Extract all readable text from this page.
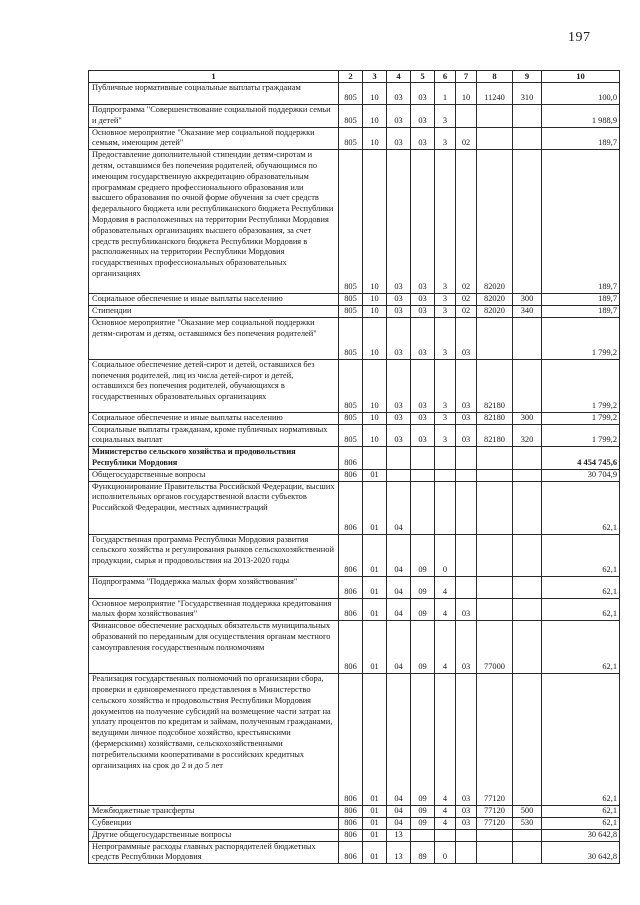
197
1	2	3	4	5	6	7	8	9	10
Публичные нормативные социальные выплаты гражданам	805	10	03	03	1	10	11240	310	100,0
Подпрограмма "Совершенствование социальной поддержки семьи и детей"	805	10	03	03	3				1 988,9
Основное мероприятие "Оказание мер социальной поддержки семьям, имеющим детей"	805	10	03	03	3	02			189,7
Предоставление дополнительной стипендии детям-сиротам и детям, оставшимся без попечения родителей, обучающимся по имеющим государственную аккредитацию образовательным программам среднего профессионального образования или высшего образования по очной форме обучения за счет средств федерального бюджета или республиканского бюджета Республики Мордовия в расположенных на территории Республики Мордовия образовательных организациях высшего образования, за счет средств республиканского бюджета Республики Мордовия в расположенных на территории Республики Мордовия государственных профессиональных образовательных организациях	805	10	03	03	3	02	82020		189,7
Социальное обеспечение и иные выплаты населению	805	10	03	03	3	02	82020	300	189,7
Стипендии	805	10	03	03	3	02	82020	340	189,7
Основное мероприятие "Оказание мер социальной поддержки детям-сиротам и детям, оставшимся без попечения родителей"	805	10	03	03	3	03			1 799,2
Социальное обеспечение детей-сирот и детей, оставшихся без попечения родителей, лиц из числа детей-сирот и детей, оставшихся без попечения родителей, обучающихся в государственных образовательных организациях	805	10	03	03	3	03	82180		1 799,2
Социальное обеспечение и иные выплаты населению	805	10	03	03	3	03	82180	300	1 799,2
Социальные выплаты гражданам, кроме публичных нормативных социальных выплат	805	10	03	03	3	03	82180	320	1 799,2
Министерство сельского хозяйства и продовольствия Республики Мордовия	806								4 454 745,6
Общегосударственные вопросы	806	01							30 704,9
Функционирование Правительства Российской Федерации, высших исполнительных органов государственной власти субъектов Российской Федерации, местных администраций	806	01	04						62,1
Государственная программа Республики Мордовия развития сельского хозяйства и регулирования рынков сельскохозяйственной продукции, сырья и продовольствия на 2013-2020 годы	806	01	04	09	0				62,1
Подпрограмма "Поддержка малых форм хозяйствования"	806	01	04	09	4				62,1
Основное мероприятие "Государственная поддержка кредитования малых форм хозяйствования"	806	01	04	09	4	03			62,1
Финансовое обеспечение расходных обязательств муниципальных образований по переданным для осуществления органам местного самоуправления государственным полномочиям	806	01	04	09	4	03	77000		62,1
Реализация государственных полномочий по организации сбора, проверки и единовременного представления в Министерство сельского хозяйства и продовольствия Республики Мордовия документов на получение субсидий на возмещение части затрат на уплату процентов по кредитам и займам, полученным гражданами, ведущими личное подсобное хозяйство, крестьянскими (фермерскими) хозяйствами, сельскохозяйственными потребительскими кооперативами в российских кредитных организациях на срок до 2 и до 5 лет	806	01	04	09	4	03	77120		62,1
Межбюджетные трансферты	806	01	04	09	4	03	77120	500	62,1
Субвенции	806	01	04	09	4	03	77120	530	62,1
Другие общегосударственные вопросы	806	01	13						30 642,8
Непрограммные расходы главных распорядителей бюджетных средств Республики Мордовия	806	01	13	89	0				30 642,8
